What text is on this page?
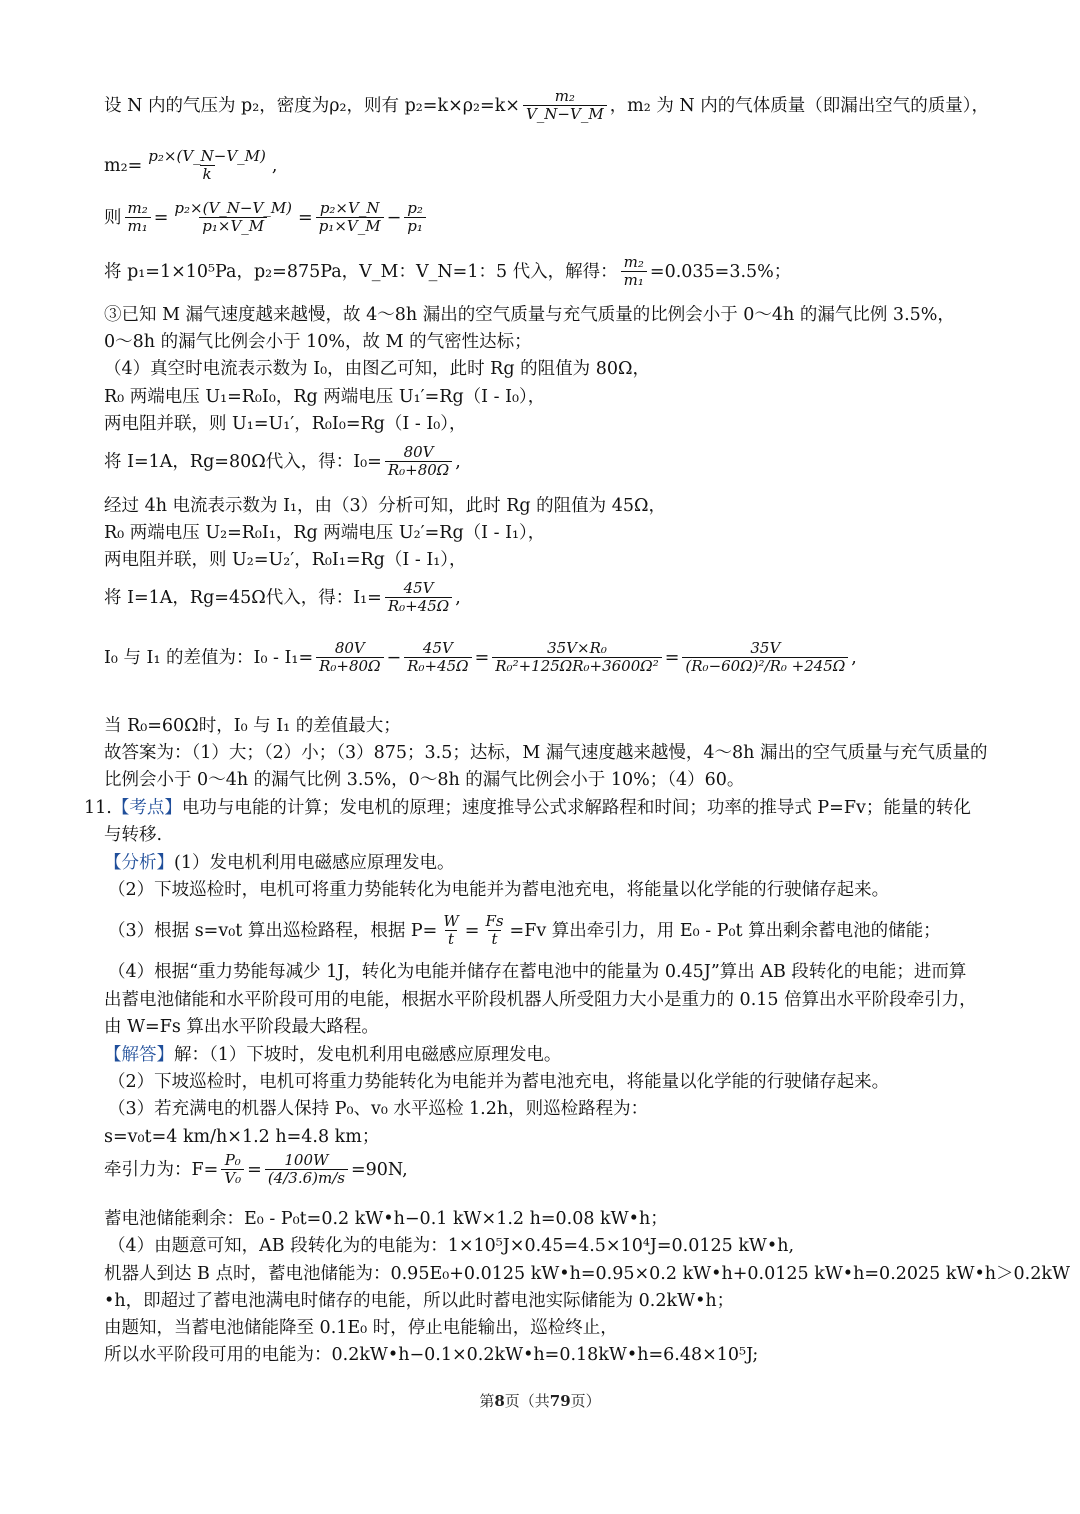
设 N 内的气压为 p₂，密度为ρ₂，则有 $p_2=k\times\rho_2=k\times \frac{\text{m₂}}{V\_N-V\_M}$ ，m₂ 为 N 内的气体质量（即漏出空气的质量），
$m_2= \frac{\text{p₂×(V\_N−V\_M)}}{k}$ ,
则 $\frac{\text{m₂}}{\text{m₁}} = \frac{\text{p₂×(V\_N−V\_M)}}{\text{p₁×V\_M}} = \frac{\text{p₂×V\_N}}{\text{p₁×V\_M}} - \frac{\text{p₂}}{\text{p₁}}$
将 p₁=1×10⁵Pa，p₂=875Pa，V_M：V_N=1：5 代入，解得： $\frac{\text{m₂}}{\text{m₁}} =0.035=3.5\%$；
③已知 M 漏气速度越来越慢，故 4～8h 漏出的空气质量与充气质量的比例会小于 0～4h 的漏气比例 3.5%，
0～8h 的漏气比例会小于 10%，故 M 的气密性达标；
（4）真空时电流表示数为 I₀，由图乙可知，此时 Rg 的阻值为 80Ω，
R₀ 两端电压 U₁=R₀I₀，Rg 两端电压 U₁′=Rg（I - I₀），
两电阻并联，则 U₁=U₁′，R₀I₀=Rg（I - I₀），
将 I=1A，Rg=80Ω代入，得：$I_0= \frac{80V}{\text{R₀+80Ω}}$ ,
经过 4h 电流表示数为 I₁，由（3）分析可知，此时 Rg 的阻值为 45Ω，
R₀ 两端电压 U₂=R₀I₁，Rg 两端电压 U₂′=Rg（I - I₁），
两电阻并联，则 U₂=U₂′，R₀I₁=Rg（I - I₁），
将 I=1A，Rg=45Ω代入，得：$I_1= \frac{45V}{\text{R₀+45Ω}}$ ,
I₀ 与 I₁ 的差值为：$I_0 - I_1= \frac{80V}{\text{R₀+80Ω}} - \frac{45V}{\text{R₀+45Ω}} = \frac{\text{35V×R₀}}{\text{R₀²+125ΩR₀+3600Ω²}} = \frac{35V}{\text{(R₀−60Ω)²/R₀ +245Ω}}$ ,
当 R₀=60Ω时，I₀ 与 I₁ 的差值最大；
故答案为：（1）大；（2）小；（3）875；3.5；达标，M 漏气速度越来越慢，4～8h 漏出的空气质量与充气质量的
比例会小于 0～4h 的漏气比例 3.5%，0～8h 的漏气比例会小于 10%；（4）60。
11.【考点】电功与电能的计算；发电机的原理；速度推导公式求解路程和时间；功率的推导式 P=Fv；能量的转化
与转移.
【分析】(1）发电机利用电磁感应原理发电。
（2）下坡巡检时，电机可将重力势能转化为电能并为蓄电池充电，将能量以化学能的行驶储存起来。
（3）根据 s=v₀t 算出巡检路程，根据 $P= \frac{W}{t} = \frac{Fs}{t} =Fv$ 算出牵引力，用 E₀ - P₀t 算出剩余蓄电池的储能；
（4）根据“重力势能每减少 1J，转化为电能并储存在蓄电池中的能量为 0.45J”算出 AB 段转化的电能；进而算
出蓄电池储能和水平阶段可用的电能，根据水平阶段机器人所受阻力大小是重力的 0.15 倍算出水平阶段牵引力，
由 W=Fs 算出水平阶段最大路程。
【解答】解：（1）下坡时，发电机利用电磁感应原理发电。
（2）下坡巡检时，电机可将重力势能转化为电能并为蓄电池充电，将能量以化学能的行驶储存起来。
（3）若充满电的机器人保持 P₀、v₀ 水平巡检 1.2h，则巡检路程为：
s=v₀t=4 km/h×1.2 h=4.8 km；
牵引力为：$F= \frac{\text{P₀}}{\text{V₀}} = \frac{100W}{(4/3.6)m/s} =90N$,
蓄电池储能剩余：E₀ - P₀t=0.2 kW•h−0.1 kW×1.2 h=0.08 kW•h；
（4）由题意可知，AB 段转化为的电能为：1×10⁵J×0.45=4.5×10⁴J=0.0125 kW•h,
机器人到达 B 点时，蓄电池储能为：0.95E₀+0.0125 kW•h=0.95×0.2 kW•h+0.0125 kW•h=0.2025 kW•h＞0.2kW
•h，即超过了蓄电池满电时储存的电能，所以此时蓄电池实际储能为 0.2kW•h；
由题知，当蓄电池储能降至 0.1E₀ 时，停止电能输出，巡检终止，
所以水平阶段可用的电能为：0.2kW•h−0.1×0.2kW•h=0.18kW•h=6.48×10⁵J;
第8页（共79页）
